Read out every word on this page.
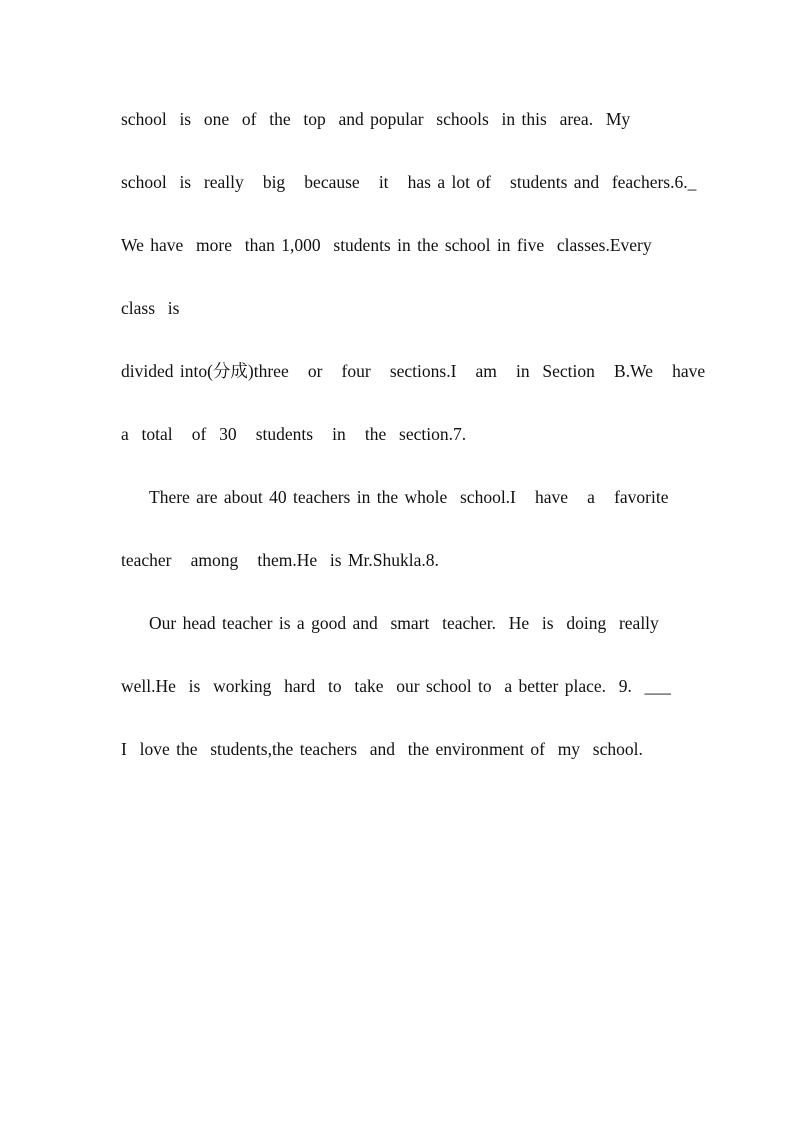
school  is  one  of  the  top  and popular  schools  in this  area.  My
school  is  really   big   because   it   has a lot of   students and  feachers.6._
We have  more  than 1,000  students in the school in five  classes.Every
class  is
divided into(分成)three   or   four   sections.I   am   in  Section   B.We   have
a  total   of  30   students   in   the  section.7.
There are about 40 teachers in the whole  school.I   have   a   favorite
teacher   among   them.He  is Mr.Shukla.8.
Our head teacher is a good and  smart  teacher.  He  is  doing  really
well.He  is  working  hard  to  take  our school to  a better place.  9.  ___
I  love the  students,the teachers  and  the environment of  my  school.
